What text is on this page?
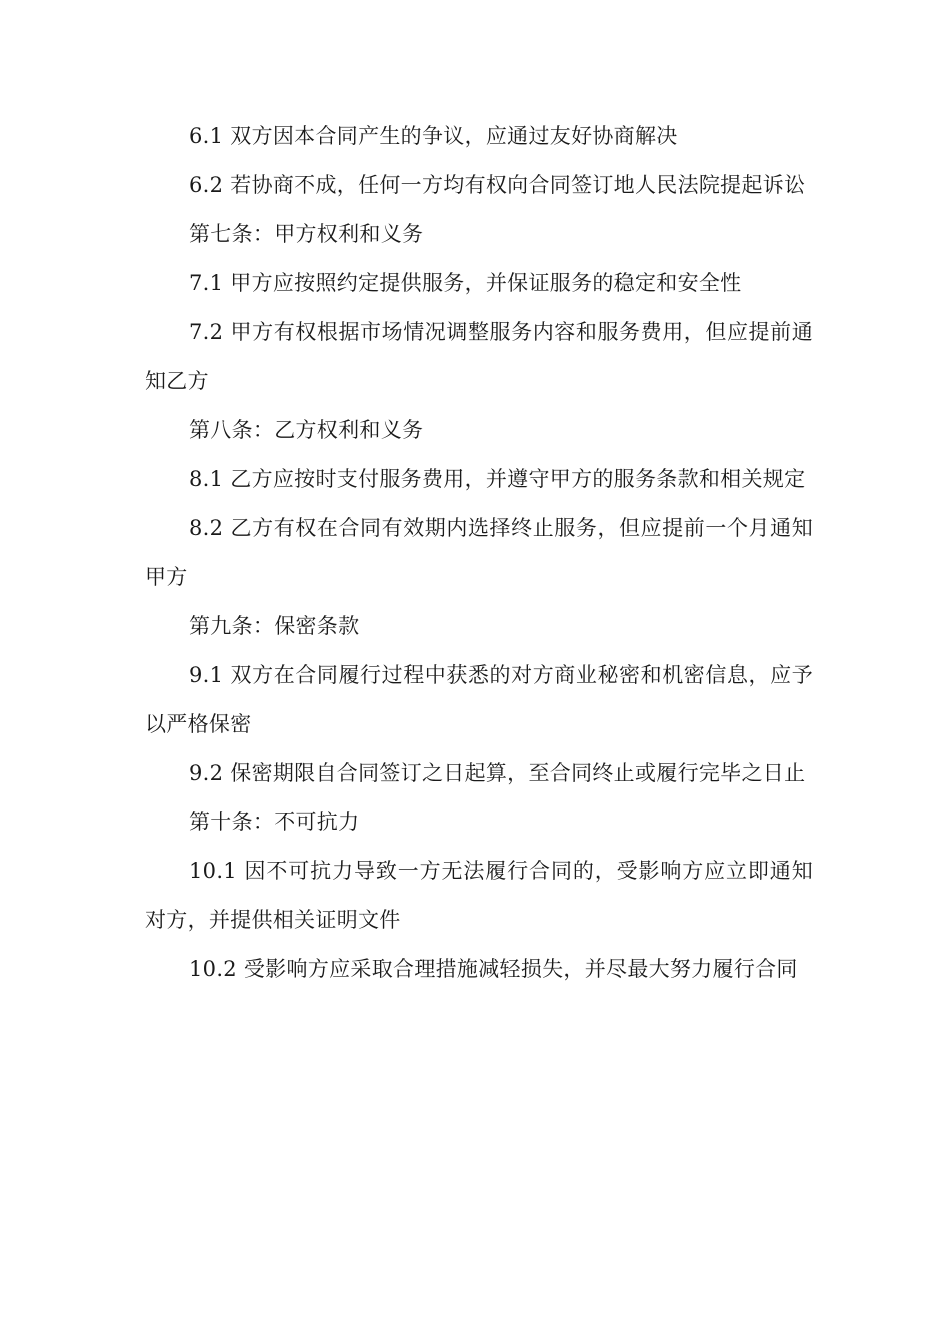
6.1 双方因本合同产生的争议，应通过友好协商解决

6.2 若协商不成，任何一方均有权向合同签订地人民法院提起诉讼

第七条：甲方权利和义务

7.1 甲方应按照约定提供服务，并保证服务的稳定和安全性

7.2 甲方有权根据市场情况调整服务内容和服务费用，但应提前通知乙方

第八条：乙方权利和义务

8.1 乙方应按时支付服务费用，并遵守甲方的服务条款和相关规定

8.2 乙方有权在合同有效期内选择终止服务，但应提前一个月通知甲方

第九条：保密条款

9.1 双方在合同履行过程中获悉的对方商业秘密和机密信息，应予以严格保密

9.2 保密期限自合同签订之日起算，至合同终止或履行完毕之日止

第十条：不可抗力

10.1 因不可抗力导致一方无法履行合同的，受影响方应立即通知对方，并提供相关证明文件

10.2 受影响方应采取合理措施减轻损失，并尽最大努力履行合同
